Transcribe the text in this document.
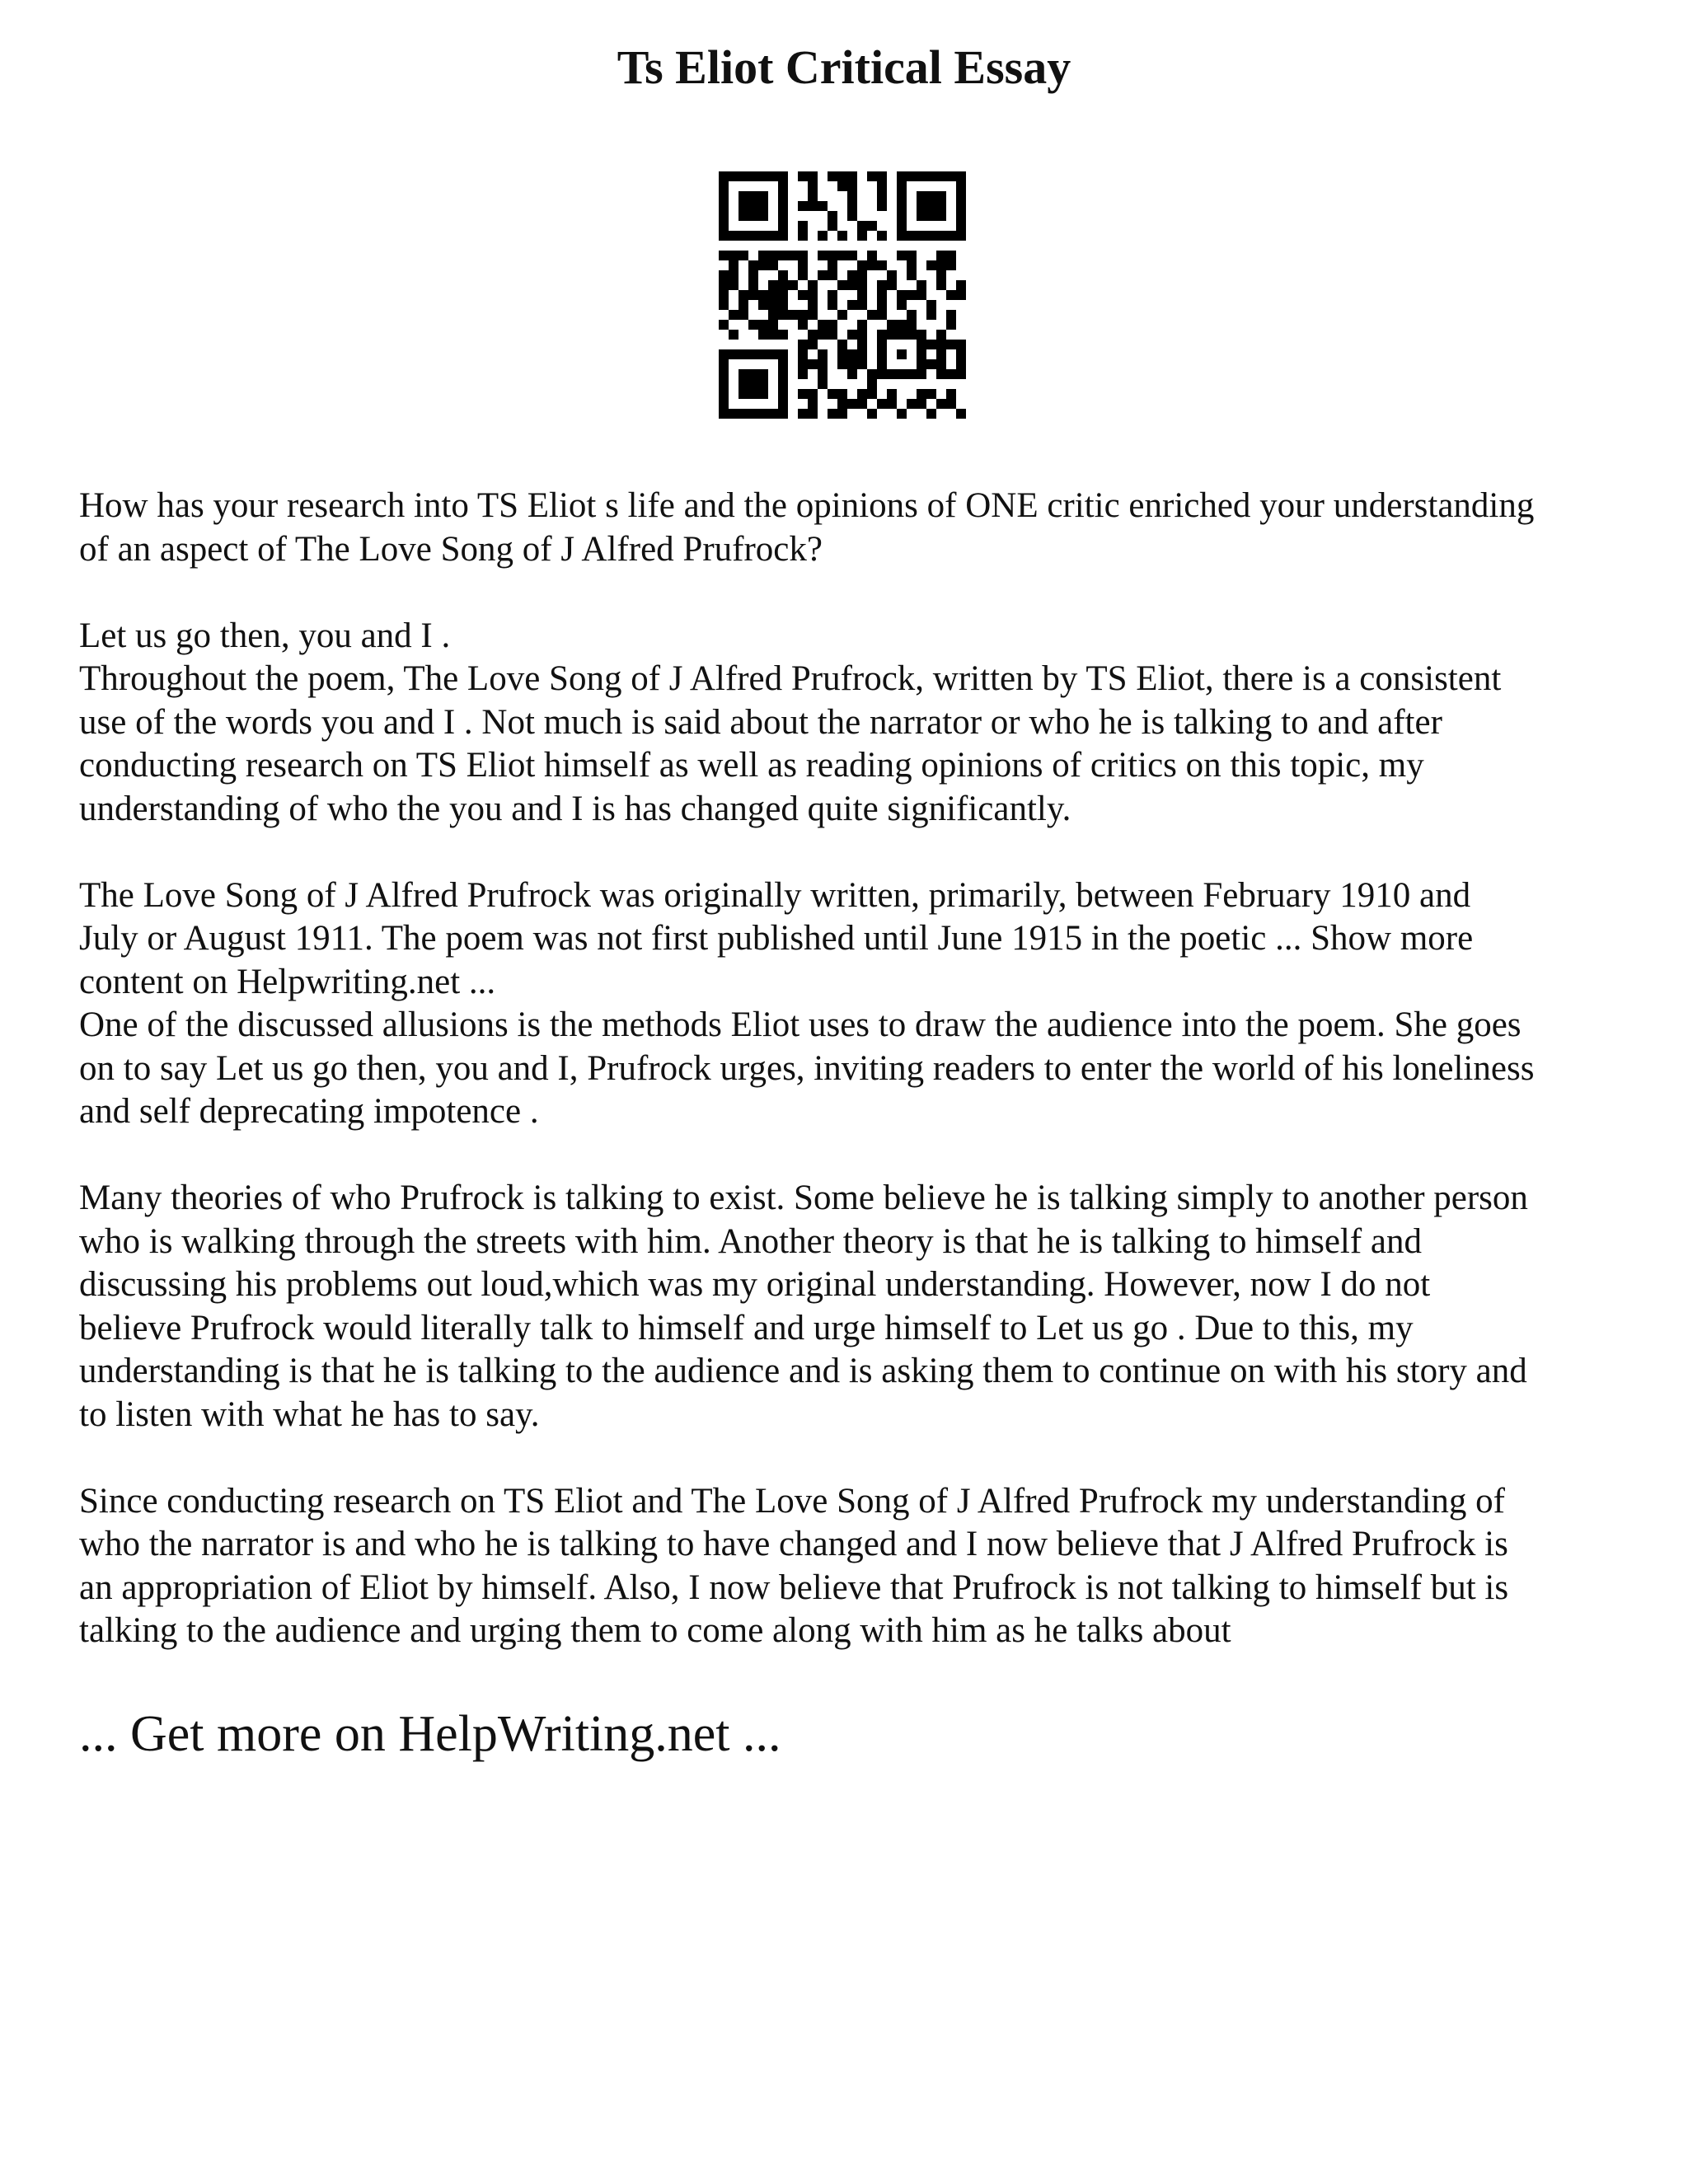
Ts Eliot Critical Essay

How has your research into TS Eliot s life and the opinions of ONE critic enriched your understanding
of an aspect of The Love Song of J Alfred Prufrock?

Let us go then, you and I .
Throughout the poem, The Love Song of J Alfred Prufrock, written by TS Eliot, there is a consistent
use of the words you and I . Not much is said about the narrator or who he is talking to and after
conducting research on TS Eliot himself as well as reading opinions of critics on this topic, my
understanding of who the you and I is has changed quite significantly.

The Love Song of J Alfred Prufrock was originally written, primarily, between February 1910 and
July or August 1911. The poem was not first published until June 1915 in the poetic ... Show more
content on Helpwriting.net ...
One of the discussed allusions is the methods Eliot uses to draw the audience into the poem. She goes
on to say Let us go then, you and I, Prufrock urges, inviting readers to enter the world of his loneliness
and self deprecating impotence .

Many theories of who Prufrock is talking to exist. Some believe he is talking simply to another person
who is walking through the streets with him. Another theory is that he is talking to himself and
discussing his problems out loud,which was my original understanding. However, now I do not
believe Prufrock would literally talk to himself and urge himself to Let us go . Due to this, my
understanding is that he is talking to the audience and is asking them to continue on with his story and
to listen with what he has to say.

Since conducting research on TS Eliot and The Love Song of J Alfred Prufrock my understanding of
who the narrator is and who he is talking to have changed and I now believe that J Alfred Prufrock is
an appropriation of Eliot by himself. Also, I now believe that Prufrock is not talking to himself but is
talking to the audience and urging them to come along with him as he talks about

... Get more on HelpWriting.net ...
